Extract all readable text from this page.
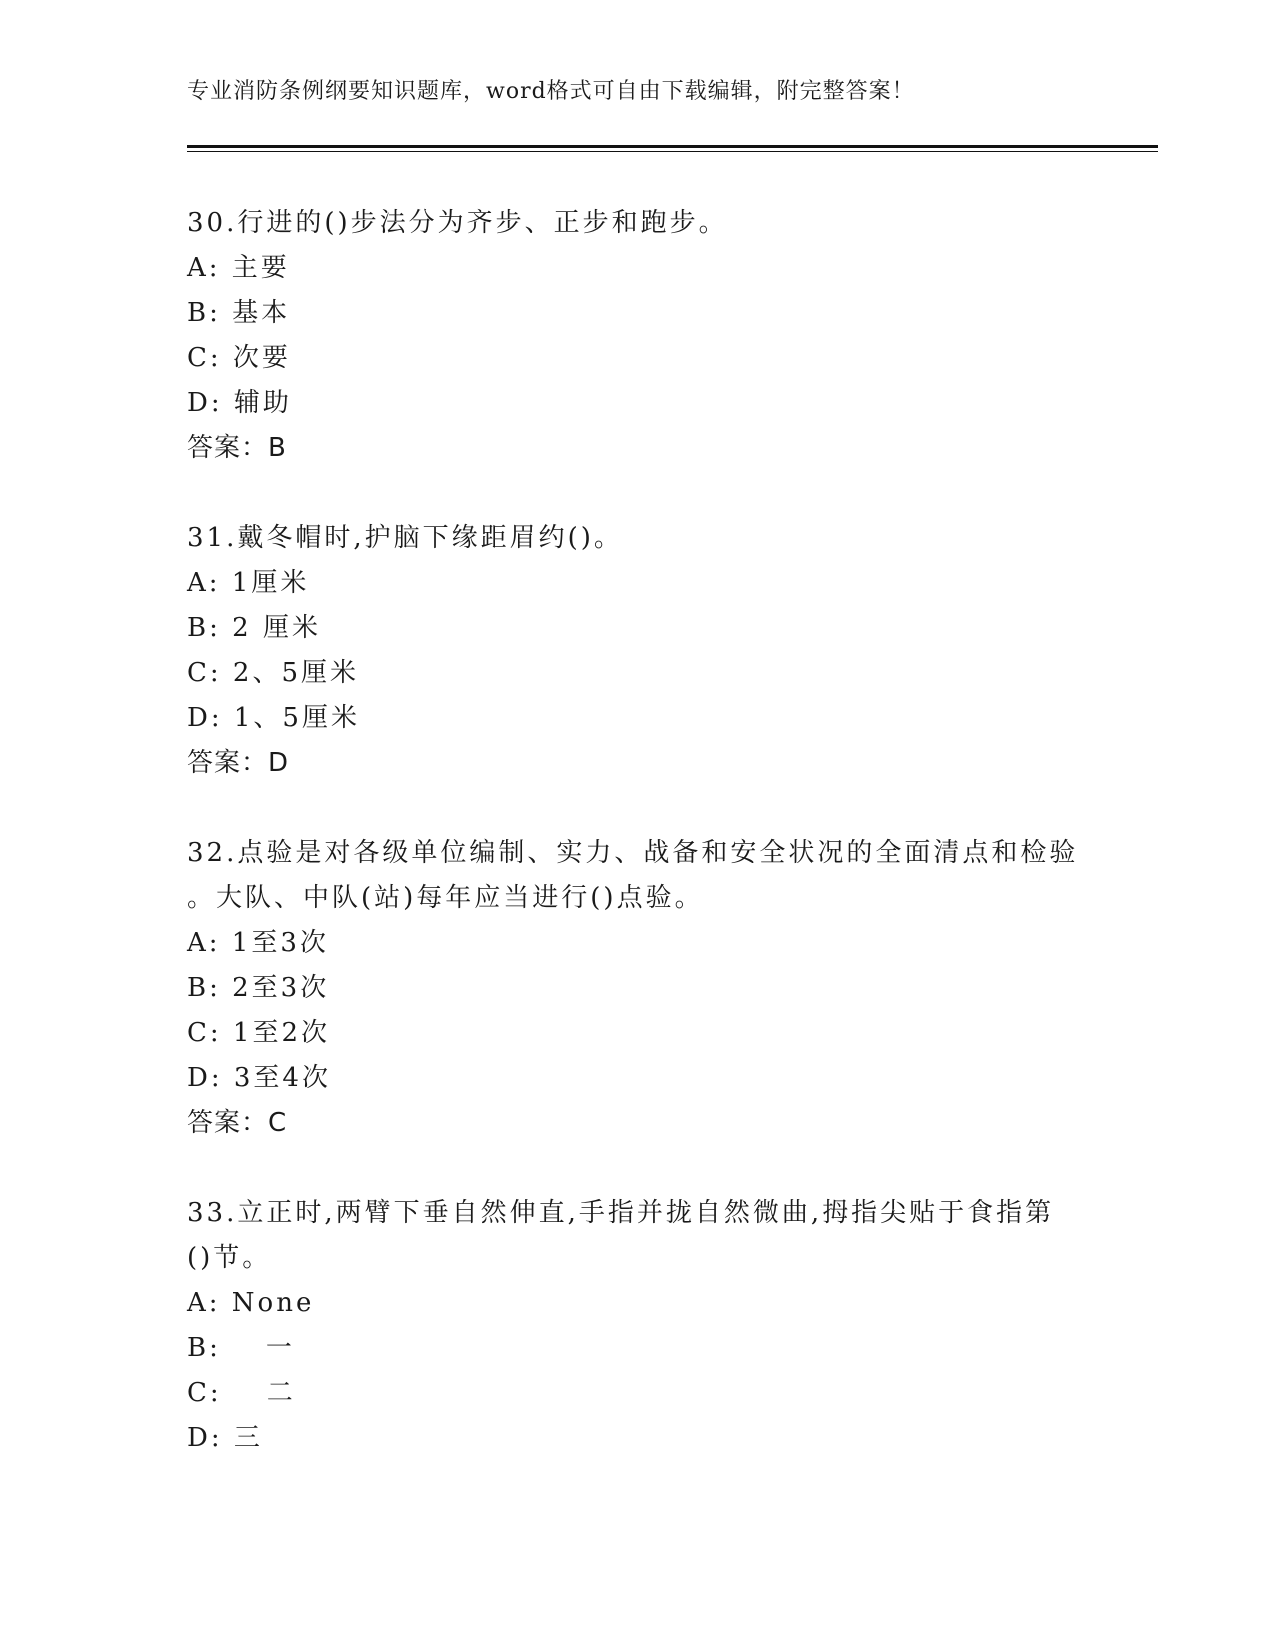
专业消防条例纲要知识题库，word格式可自由下载编辑，附完整答案！
30.行进的()步法分为齐步、正步和跑步。
A: 主要
B: 基本
C: 次要
D: 辅助
答案：B
31.戴冬帽时,护脑下缘距眉约()。
A: 1厘米
B: 2 厘米
C: 2、5厘米
D: 1、5厘米
答案：D
32.点验是对各级单位编制、实力、战备和安全状况的全面清点和检验
。大队、中队(站)每年应当进行()点验。
A: 1至3次
B: 2至3次
C: 1至2次
D: 3至4次
答案：C
33.立正时,两臂下垂自然伸直,手指并拢自然微曲,拇指尖贴于食指第
()节。
A: None
B:    一
C:    二
D: 三
